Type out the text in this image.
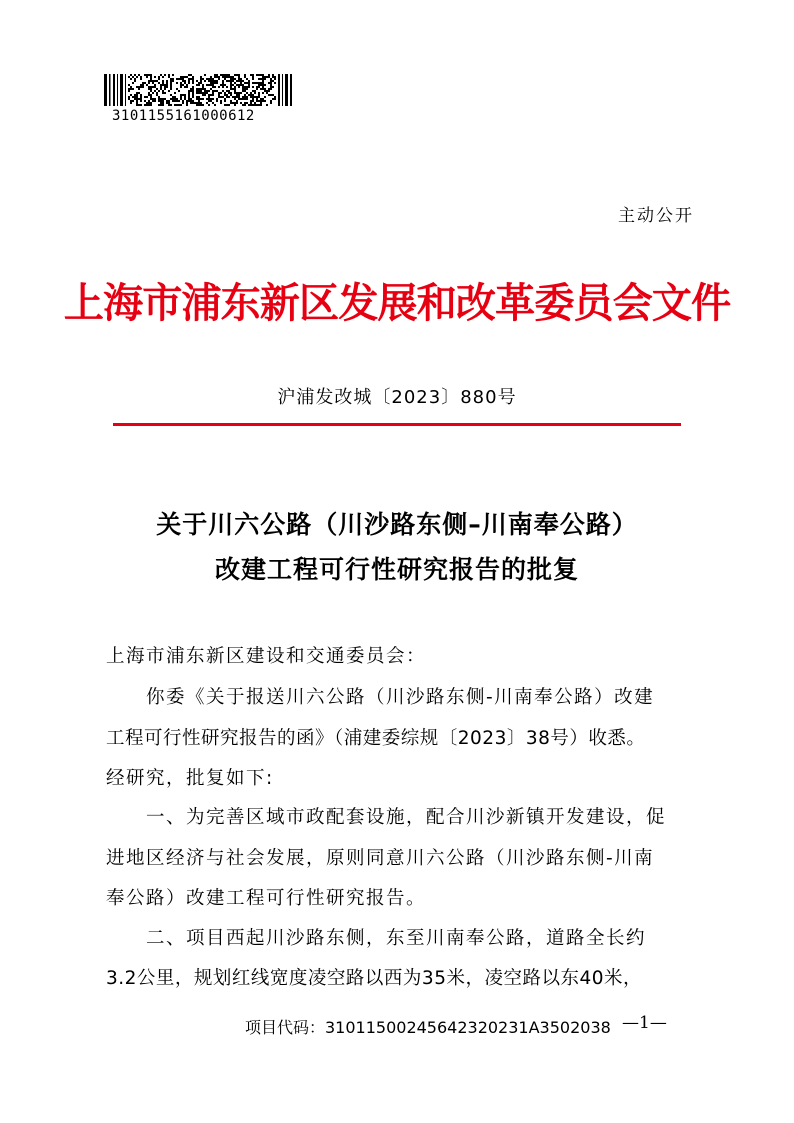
3101155161000612
主动公开
上海市浦东新区发展和改革委员会文件
沪浦发改城〔2023〕880号
关于川六公路（川沙路东侧–川南奉公路）
改建工程可行性研究报告的批复
上海市浦东新区建设和交通委员会：
你委《关于报送川六公路（川沙路东侧-川南奉公路）改建
工程可行性研究报告的函》（浦建委综规〔2023〕38号）收悉。
经研究，批复如下:
一、为完善区域市政配套设施，配合川沙新镇开发建设，促
进地区经济与社会发展，原则同意川六公路（川沙路东侧-川南
奉公路）改建工程可行性研究报告。
二、项目西起川沙路东侧，东至川南奉公路，道路全长约
3.2公里，规划红线宽度凌空路以西为35米，凌空路以东40米，
项目代码：31011500245642320231A3502038 —1—
